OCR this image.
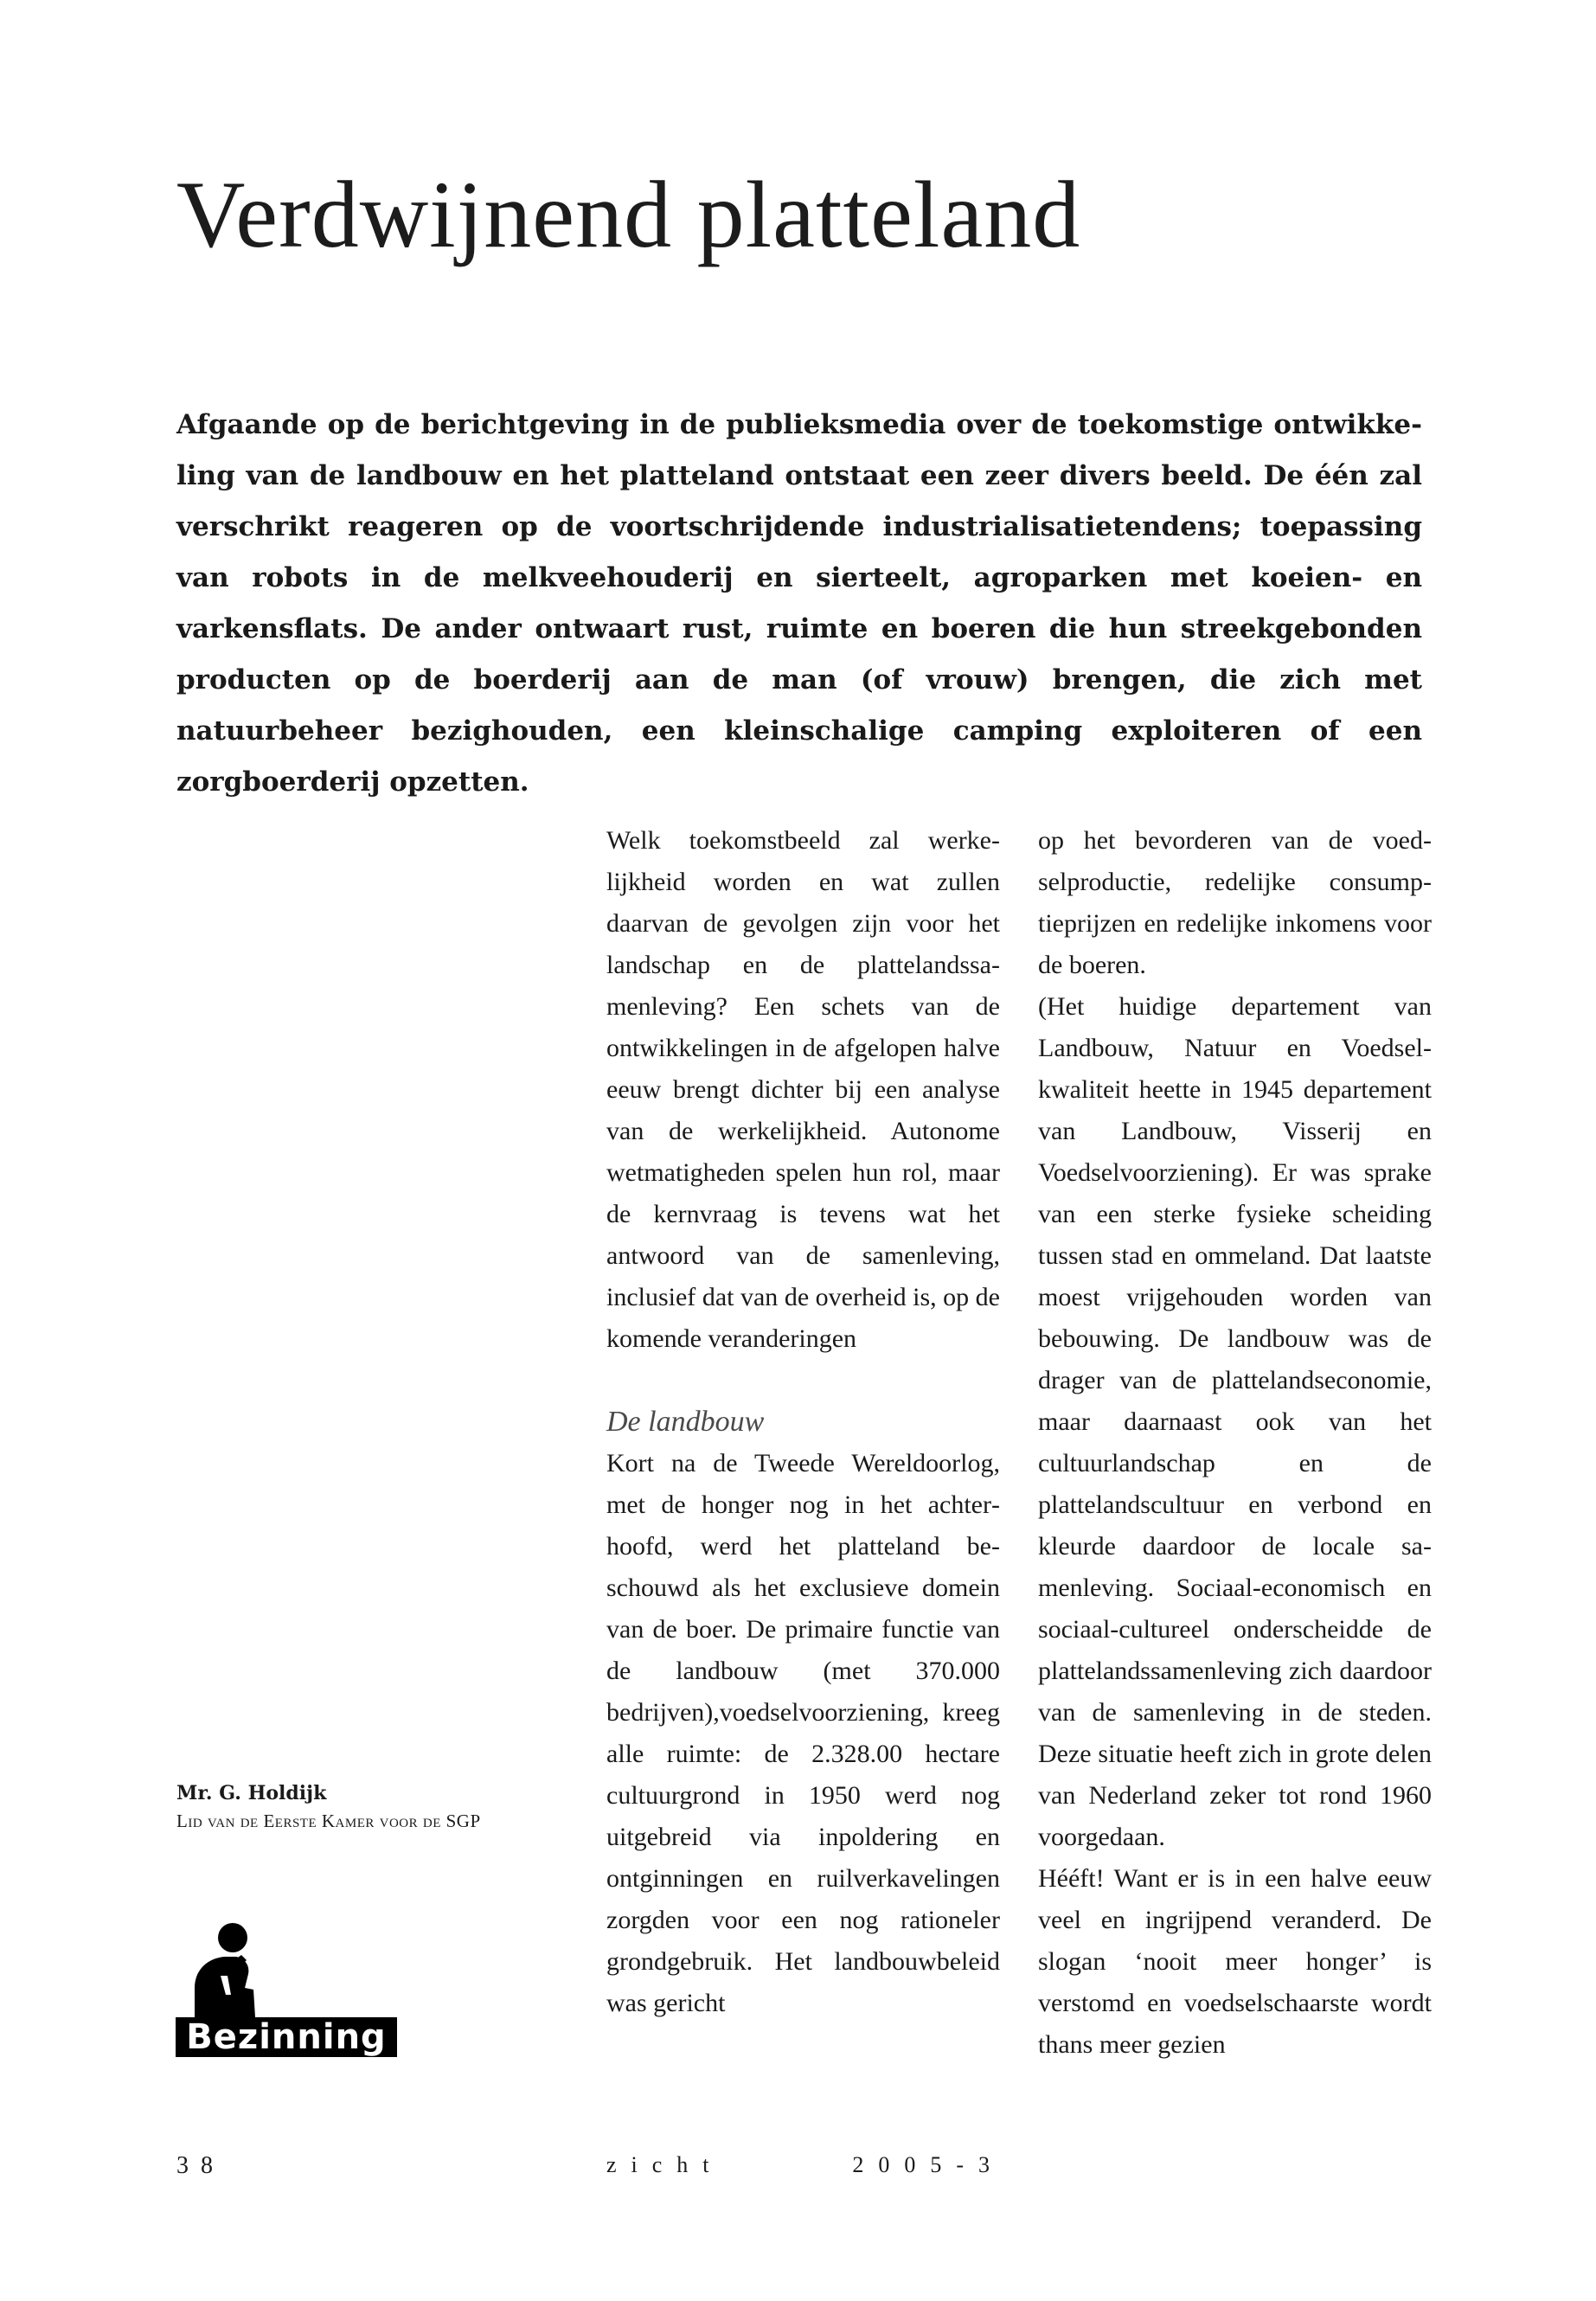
Verdwijnend platteland

Afgaande op de berichtgeving in de publieksmedia over de toekomstige ontwikkeling van de landbouw en het platteland ontstaat een zeer divers beeld. De één zal verschrikt reageren op de voortschrijdende industrialisatietendens; toepassing van robots in de melkveehouderij en sierteelt, agroparken met koeien- en varkensflats. De ander ontwaart rust, ruimte en boeren die hun streekgebonden producten op de boerderij aan de man (of vrouw) brengen, die zich met natuurbeheer bezighouden, een kleinschalige camping exploiteren of een zorgboerderij opzetten.

Welk toekomstbeeld zal werkelijkheid worden en wat zullen daarvan de gevolgen zijn voor het landschap en de plattelandssamenleving? Een schets van de ontwikkelingen in de afgelopen halve eeuw brengt dichter bij een analyse van de werkelijkheid. Autonome wetmatigheden spelen hun rol, maar de kernvraag is tevens wat het antwoord van de samenleving, inclusief dat van de overheid is, op de komende veranderingen

De landbouw

Kort na de Tweede Wereldoorlog, met de honger nog in het achterhoofd, werd het platteland beschouwd als het exclusieve domein van de boer. De primaire functie van de landbouw (met 370.000 bedrijven),voedselvoorziening, kreeg alle ruimte: de 2.328.00 hectare cultuurgrond in 1950 werd nog uitgebreid via inpoldering en ontginningen en ruilverkavelingen zorgden voor een nog rationeler grondgebruik. Het landbouwbeleid was gericht

op het bevorderen van de voedselproductie, redelijke consumptieprijzen en redelijke inkomens voor de boeren.

(Het huidige departement van Landbouw, Natuur en Voedselkwaliteit heette in 1945 departement van Landbouw, Visserij en Voedselvoorziening). Er was sprake van een sterke fysieke scheiding tussen stad en ommeland. Dat laatste moest vrijgehouden worden van bebouwing. De landbouw was de drager van de plattelandseconomie, maar daarnaast ook van het cultuurlandschap en de plattelandscultuur en verbond en kleurde daardoor de locale samenleving. Sociaal-economisch en sociaal-cultureel onderscheidde de plattelandssamenleving zich daardoor van de samenleving in de steden. Deze situatie heeft zich in grote delen van Nederland zeker tot rond 1960 voorgedaan.

Hééft! Want er is in een halve eeuw veel en ingrijpend veranderd. De slogan ‘nooit meer honger’ is verstomd en voedselschaarste wordt thans meer gezien

Mr. G. Holdijk

Lid van de Eerste Kamer voor de SGP

Bezinning
38	zicht	2005-3
